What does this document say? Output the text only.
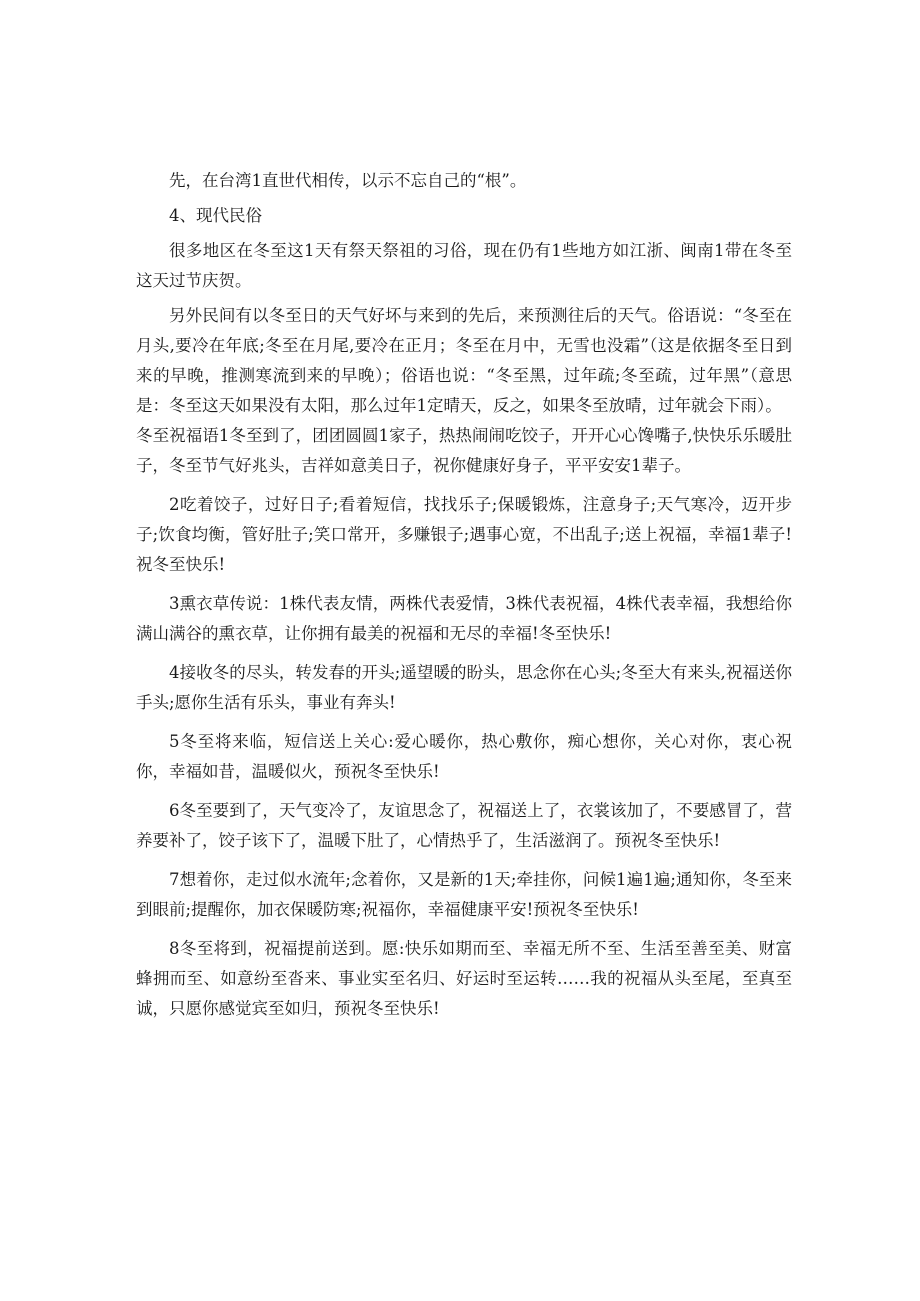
先，在台湾1直世代相传，以示不忘自己的“根”。

4、现代民俗

很多地区在冬至这1天有祭天祭祖的习俗，现在仍有1些地方如江浙、闽南1带在冬至这天过节庆贺。

另外民间有以冬至日的天气好坏与来到的先后，来预测往后的天气。俗语说：“冬至在月头,要冷在年底;冬至在月尾,要冷在正月；冬至在月中，无雪也没霜”（这是依据冬至日到来的早晚，推测寒流到来的早晚）；俗语也说：“冬至黑，过年疏;冬至疏，过年黑”（意思是：冬至这天如果没有太阳，那么过年1定晴天，反之，如果冬至放晴，过年就会下雨）。

冬至祝福语1冬至到了，团团圆圆1家子，热热闹闹吃饺子，开开心心馋嘴子,快快乐乐暖肚子，冬至节气好兆头，吉祥如意美日子，祝你健康好身子，平平安安1辈子。

2吃着饺子，过好日子;看着短信，找找乐子;保暖锻炼，注意身子;天气寒冷，迈开步子;饮食均衡，管好肚子;笑口常开，多赚银子;遇事心宽，不出乱子;送上祝福，幸福1辈子!祝冬至快乐!

3熏衣草传说：1株代表友情，两株代表爱情，3株代表祝福，4株代表幸福，我想给你满山满谷的熏衣草，让你拥有最美的祝福和无尽的幸福!冬至快乐!

4接收冬的尽头，转发春的开头;遥望暖的盼头，思念你在心头;冬至大有来头,祝福送你手头;愿你生活有乐头，事业有奔头!

5冬至将来临，短信送上关心:爱心暖你，热心敷你，痴心想你，关心对你，衷心祝你，幸福如昔，温暖似火，预祝冬至快乐!

6冬至要到了，天气变冷了，友谊思念了，祝福送上了，衣裳该加了，不要感冒了，营养要补了，饺子该下了，温暖下肚了，心情热乎了，生活滋润了。预祝冬至快乐!

7想着你，走过似水流年;念着你，又是新的1天;牵挂你，问候1遍1遍;通知你，冬至来到眼前;提醒你，加衣保暖防寒;祝福你，幸福健康平安!预祝冬至快乐!

8冬至将到，祝福提前送到。愿:快乐如期而至、幸福无所不至、生活至善至美、财富蜂拥而至、如意纷至沓来、事业实至名归、好运时至运转……我的祝福从头至尾，至真至诚，只愿你感觉宾至如归，预祝冬至快乐!
